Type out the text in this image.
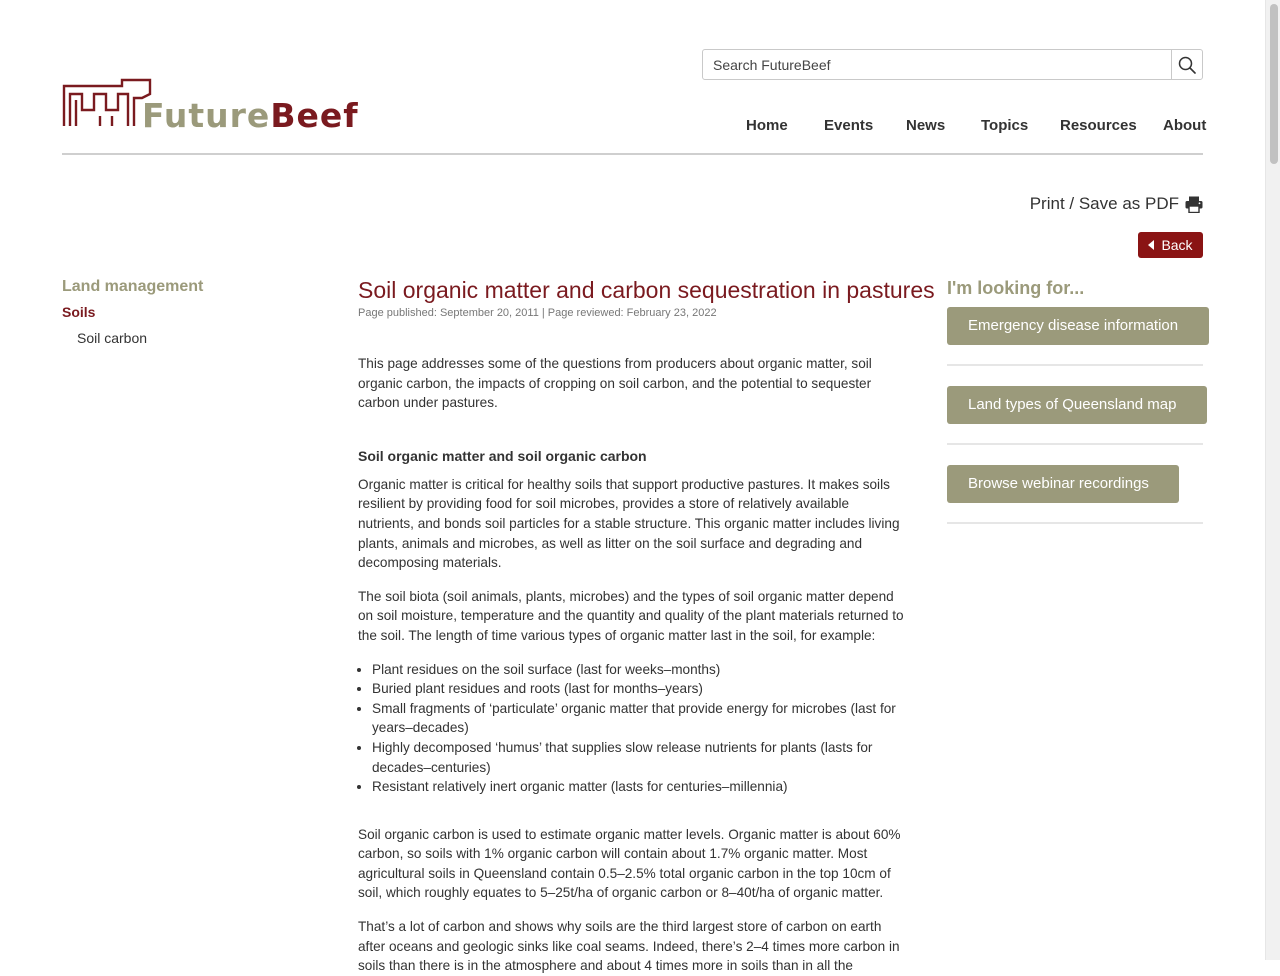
Search FutureBeef
FutureBeef	Home Events News Topics Resources About
Print / Save as PDF
Back
Land management
Soils
Soil carbon
Soil organic matter and carbon sequestration in pastures
Page published: September 20, 2011 | Page reviewed: February 23, 2022

This page addresses some of the questions from producers about organic matter, soil organic carbon, the impacts of cropping on soil carbon, and the potential to sequester carbon under pastures.

Soil organic matter and soil organic carbon

Organic matter is critical for healthy soils that support productive pastures. It makes soils resilient by providing food for soil microbes, provides a store of relatively available nutrients, and bonds soil particles for a stable structure. This organic matter includes living plants, animals and microbes, as well as litter on the soil surface and degrading and decomposing materials.

The soil biota (soil animals, plants, microbes) and the types of soil organic matter depend on soil moisture, temperature and the quantity and quality of the plant materials returned to the soil. The length of time various types of organic matter last in the soil, for example:

• Plant residues on the soil surface (last for weeks–months)
• Buried plant residues and roots (last for months–years)
• Small fragments of ‘particulate’ organic matter that provide energy for microbes (last for years–decades)
• Highly decomposed ‘humus’ that supplies slow release nutrients for plants (lasts for decades–centuries)
• Resistant relatively inert organic matter (lasts for centuries–millennia)

Soil organic carbon is used to estimate organic matter levels. Organic matter is about 60% carbon, so soils with 1% organic carbon will contain about 1.7% organic matter. Most agricultural soils in Queensland contain 0.5–2.5% total organic carbon in the top 10cm of soil, which roughly equates to 5–25t/ha of organic carbon or 8–40t/ha of organic matter.

That’s a lot of carbon and shows why soils are the third largest store of carbon on earth after oceans and geologic sinks like coal seams. Indeed, there’s 2–4 times more carbon in soils than there is in the atmosphere and about 4 times more in soils than in all the

I'm looking for...
Emergency disease information
Land types of Queensland map
Browse webinar recordings
